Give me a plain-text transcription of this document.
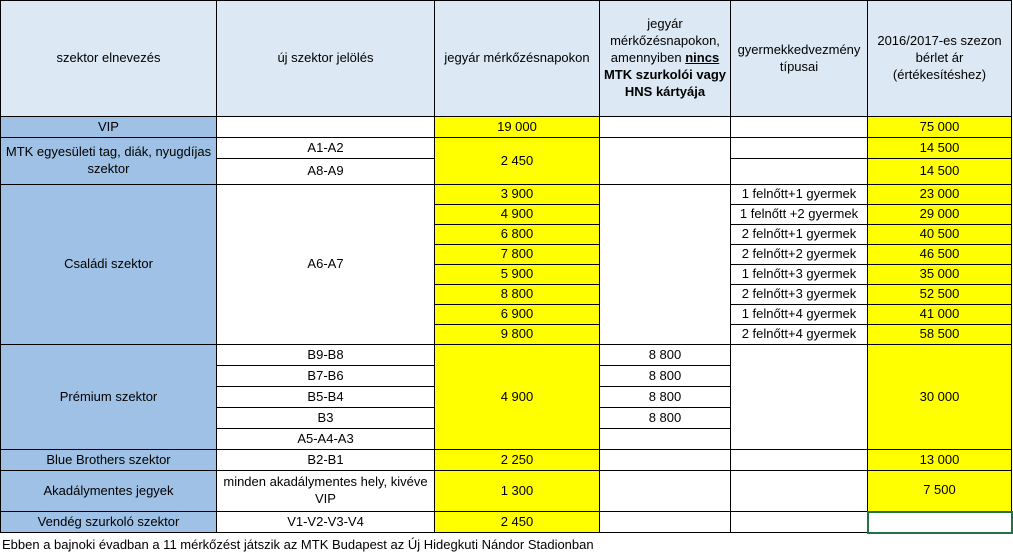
szektor elnevezés	új szektor jelölés	jegyár mérkőzésnapokon	jegyár
mérkőzésnapokon,
amennyiben nincs
MTK szurkolói vagy
HNS kártyája	gyermekkedvezmény típusai	2016/2017-es szezon bérlet ár (értékesítéshez)
VIP		19 000			75 000
MTK egyesületi tag, diák, nyugdíjas szektor	A1-A2	2 450			14 500
	A8-A9				14 500
Családi szektor	A6-A7	3 900		1 felnőtt+1 gyermek	23 000
		4 900		1 felnőtt +2 gyermek	29 000
		6 800		2 felnőtt+1 gyermek	40 500
		7 800		2 felnőtt+2 gyermek	46 500
		5 900		1 felnőtt+3 gyermek	35 000
		8 800		2 felnőtt+3 gyermek	52 500
		6 900		1 felnőtt+4 gyermek	41 000
		9 800		2 felnőtt+4 gyermek	58 500
Prémium szektor	B9-B8	4 900	8 800		30 000
	B7-B6		8 800		
	B5-B4		8 800		
	B3		8 800		
	A5-A4-A3				
Blue Brothers szektor	B2-B1	2 250			13 000
Akadálymentes jegyek	minden akadálymentes hely, kivéve VIP	1 300			7 500
Vendég szurkoló szektor	V1-V2-V3-V4	2 450			
Ebben a bajnoki évadban a 11 mérkőzést játszik az MTK Budapest az Új Hidegkuti Nándor Stadionban
